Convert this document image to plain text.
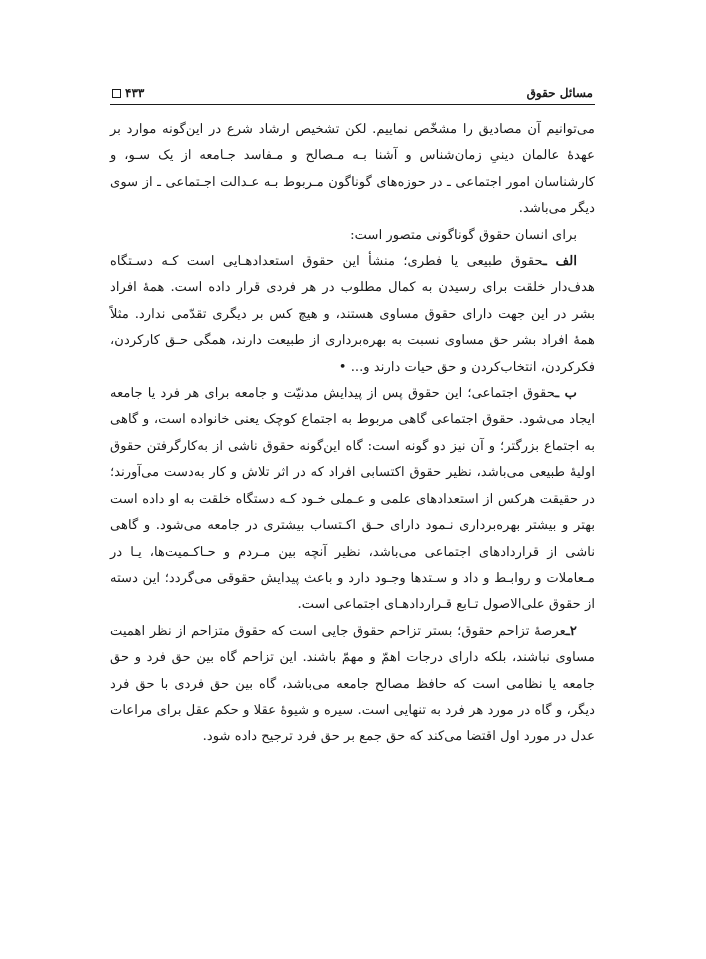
مسائل حقوق
۴۳۳

می‌توانیم آن مصادیق را مشخّص نماییم. لکن تشخیص ارشاد شرع در این‌گونه موارد بر عهدهٔ عالمان دینیِ زمان‌شناس و آشنا بـه مـصالح و مـفاسد جـامعه از یک سـو، و کارشناسان امور اجتماعی ـ در حوزه‌های گوناگون مـربوط بـه عـدالت اجـتماعی ـ از سوی دیگر می‌باشد.

برای انسان حقوق گوناگونی متصور است:

الف ـحقوق طبیعی یا فطری؛ منشأ این حقوق استعدادهـایی است کـه دسـتگاه هدف‌دار خلقت برای رسیدن به کمال مطلوب در هر فردی قرار داده است. همهٔ افراد بشر در این جهت دارای حقوق مساوی هستند، و هیچ کس بر دیگری تقدّمی ندارد. مثلاً همهٔ افراد بشر حق مساوی نسبت به بهره‌برداری از طبیعت دارند، همگی حـق کارکردن، فکرکردن، انتخاب‌کردن و حق حیات دارند و... •

ب ـحقوق اجتماعی؛ این حقوق پس از پیدایش مدنیّت و جامعه برای هر فرد یا جامعه ایجاد می‌شود. حقوق اجتماعی گاهی مربوط به اجتماع کوچک یعنی خانواده است، و گاهی به اجتماع بزرگتر؛ و آن نیز دو گونه است: گاه این‌گونه حقوق ناشی از به‌کارگرفتن حقوق اولیهٔ طبیعی می‌باشد، نظیر حقوق اکتسابی افراد که در اثر تلاش و کار به‌دست می‌آورند؛ در حقیقت هرکس از استعدادهای علمی و عـملی خـود کـه دستگاه خلقت به او داده است بهتر و بیشتر بهره‌برداری نـمود دارای حـق اکـتساب بیشتری در جامعه می‌شود. و گاهی ناشی از قراردادهای اجتماعی می‌باشد، نظیر آنچه بین مـردم و حـاکـمیت‌ها، یـا در مـعاملات و روابـط و داد و سـتدها وجـود دارد و باعث پیدایش حقوقی می‌گردد؛ این دسته از حقوق علی‌الاصول تـابع قـراردادهـای اجتماعی است.

۲ـعرصهٔ تزاحم حقوق؛ بستر تزاحم حقوق جایی است که حقوق متزاحم از نظر اهمیت مساوی نباشند، بلکه دارای درجات اهمّ و مهمّ باشند. این تزاحم گاه بین حق فرد و حق جامعه یا نظامی است که حافظ مصالح جامعه می‌باشد، گاه بین حق فردی با حق فرد دیگر، و گاه در مورد هر فرد به تنهایی است. سیره و شیوهٔ عقلا و حکم عقل برای مراعات عدل در مورد اول اقتضا می‌کند که حق جمع بر حق فرد ترجیح داده شود.
